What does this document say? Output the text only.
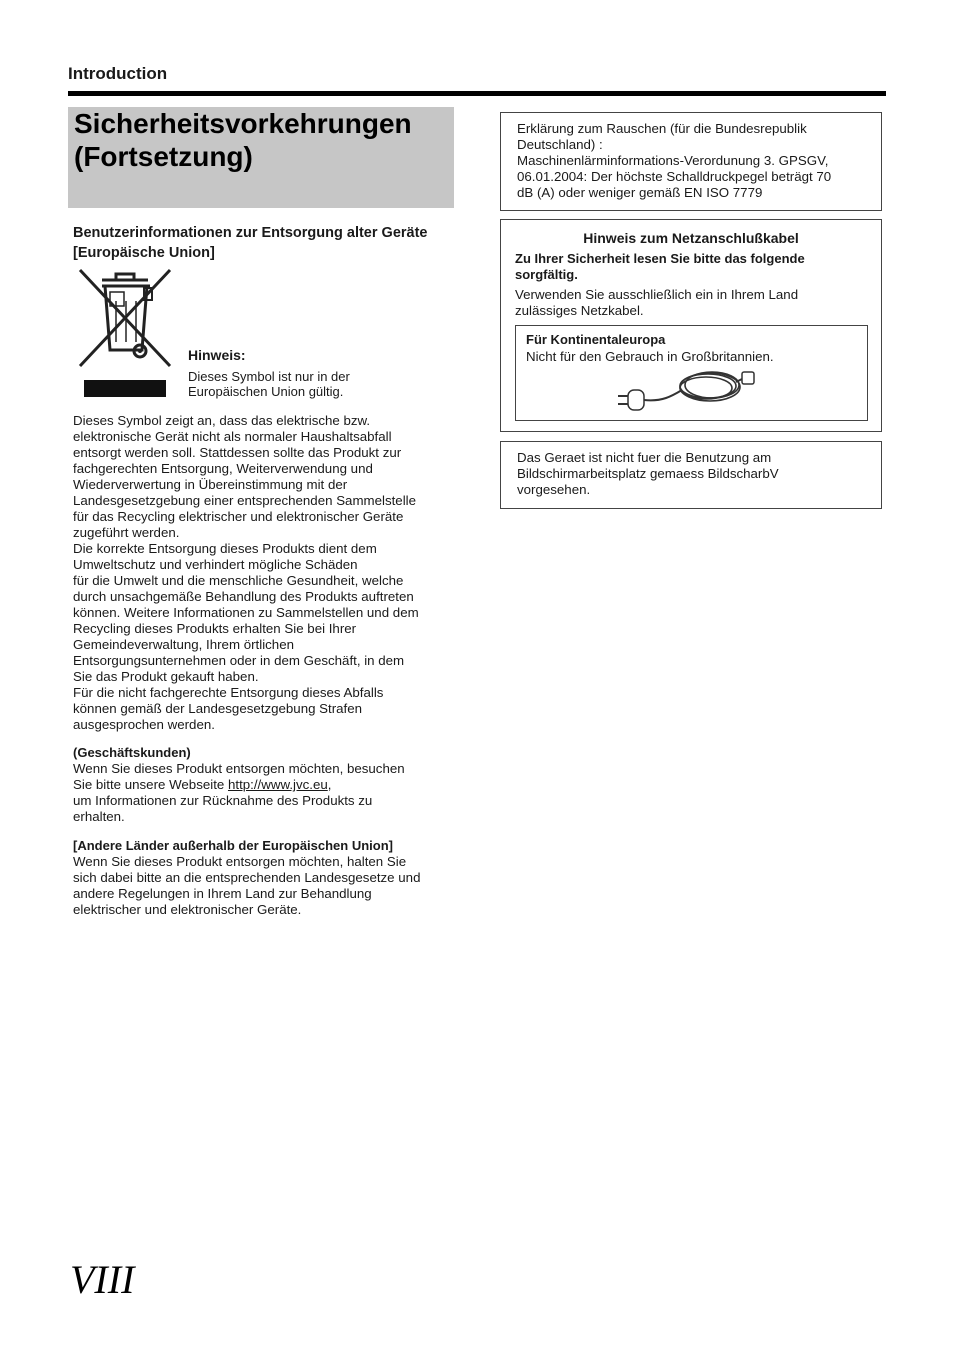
Introduction
Sicherheitsvorkehrungen
(Fortsetzung)
Benutzerinformationen zur Entsorgung alter Geräte
[Europäische Union]
Hinweis:
Dieses Symbol ist nur in der
Europäischen Union gültig.
Dieses Symbol zeigt an, dass das elektrische bzw.
elektronische Gerät nicht als normaler Haushaltsabfall
entsorgt werden soll. Stattdessen sollte das Produkt zur
fachgerechten Entsorgung, Weiterverwendung und
Wiederverwertung in Übereinstimmung mit der
Landesgesetzgebung einer entsprechenden Sammelstelle
für das Recycling elektrischer und elektronischer Geräte
zugeführt werden.
Die korrekte Entsorgung dieses Produkts dient dem
Umweltschutz und verhindert mögliche Schäden
für die Umwelt und die menschliche Gesundheit, welche
durch unsachgemäße Behandlung des Produkts auftreten
können. Weitere Informationen zu Sammelstellen und dem
Recycling dieses Produkts erhalten Sie bei Ihrer
Gemeindeverwaltung, Ihrem örtlichen
Entsorgungsunternehmen oder in dem Geschäft, in dem
Sie das Produkt gekauft haben.
Für die nicht fachgerechte Entsorgung dieses Abfalls
können gemäß der Landesgesetzgebung Strafen
ausgesprochen werden.
(Geschäftskunden)
Wenn Sie dieses Produkt entsorgen möchten, besuchen
Sie bitte unsere Webseite http://www.jvc.eu,
um Informationen zur Rücknahme des Produkts zu
erhalten.
[Andere Länder außerhalb der Europäischen Union]
Wenn Sie dieses Produkt entsorgen möchten, halten Sie
sich dabei bitte an die entsprechenden Landesgesetze und
andere Regelungen in Ihrem Land zur Behandlung
elektrischer und elektronischer Geräte.
Erklärung zum Rauschen (für die Bundesrepublik
Deutschland) :
Maschinenlärminformations-Verordunung 3. GPSGV,
06.01.2004: Der höchste Schalldruckpegel beträgt 70
dB (A) oder weniger gemäß EN ISO 7779
Hinweis zum Netzanschlußkabel
Zu Ihrer Sicherheit lesen Sie bitte das folgende
sorgfältig.
Verwenden Sie ausschließlich ein in Ihrem Land
zulässiges Netzkabel.
Für Kontinentaleuropa
Nicht für den Gebrauch in Großbritannien.
Das Geraet ist nicht fuer die Benutzung am
Bildschirmarbeitsplatz gemaess BildscharbV
vorgesehen.
VIII
